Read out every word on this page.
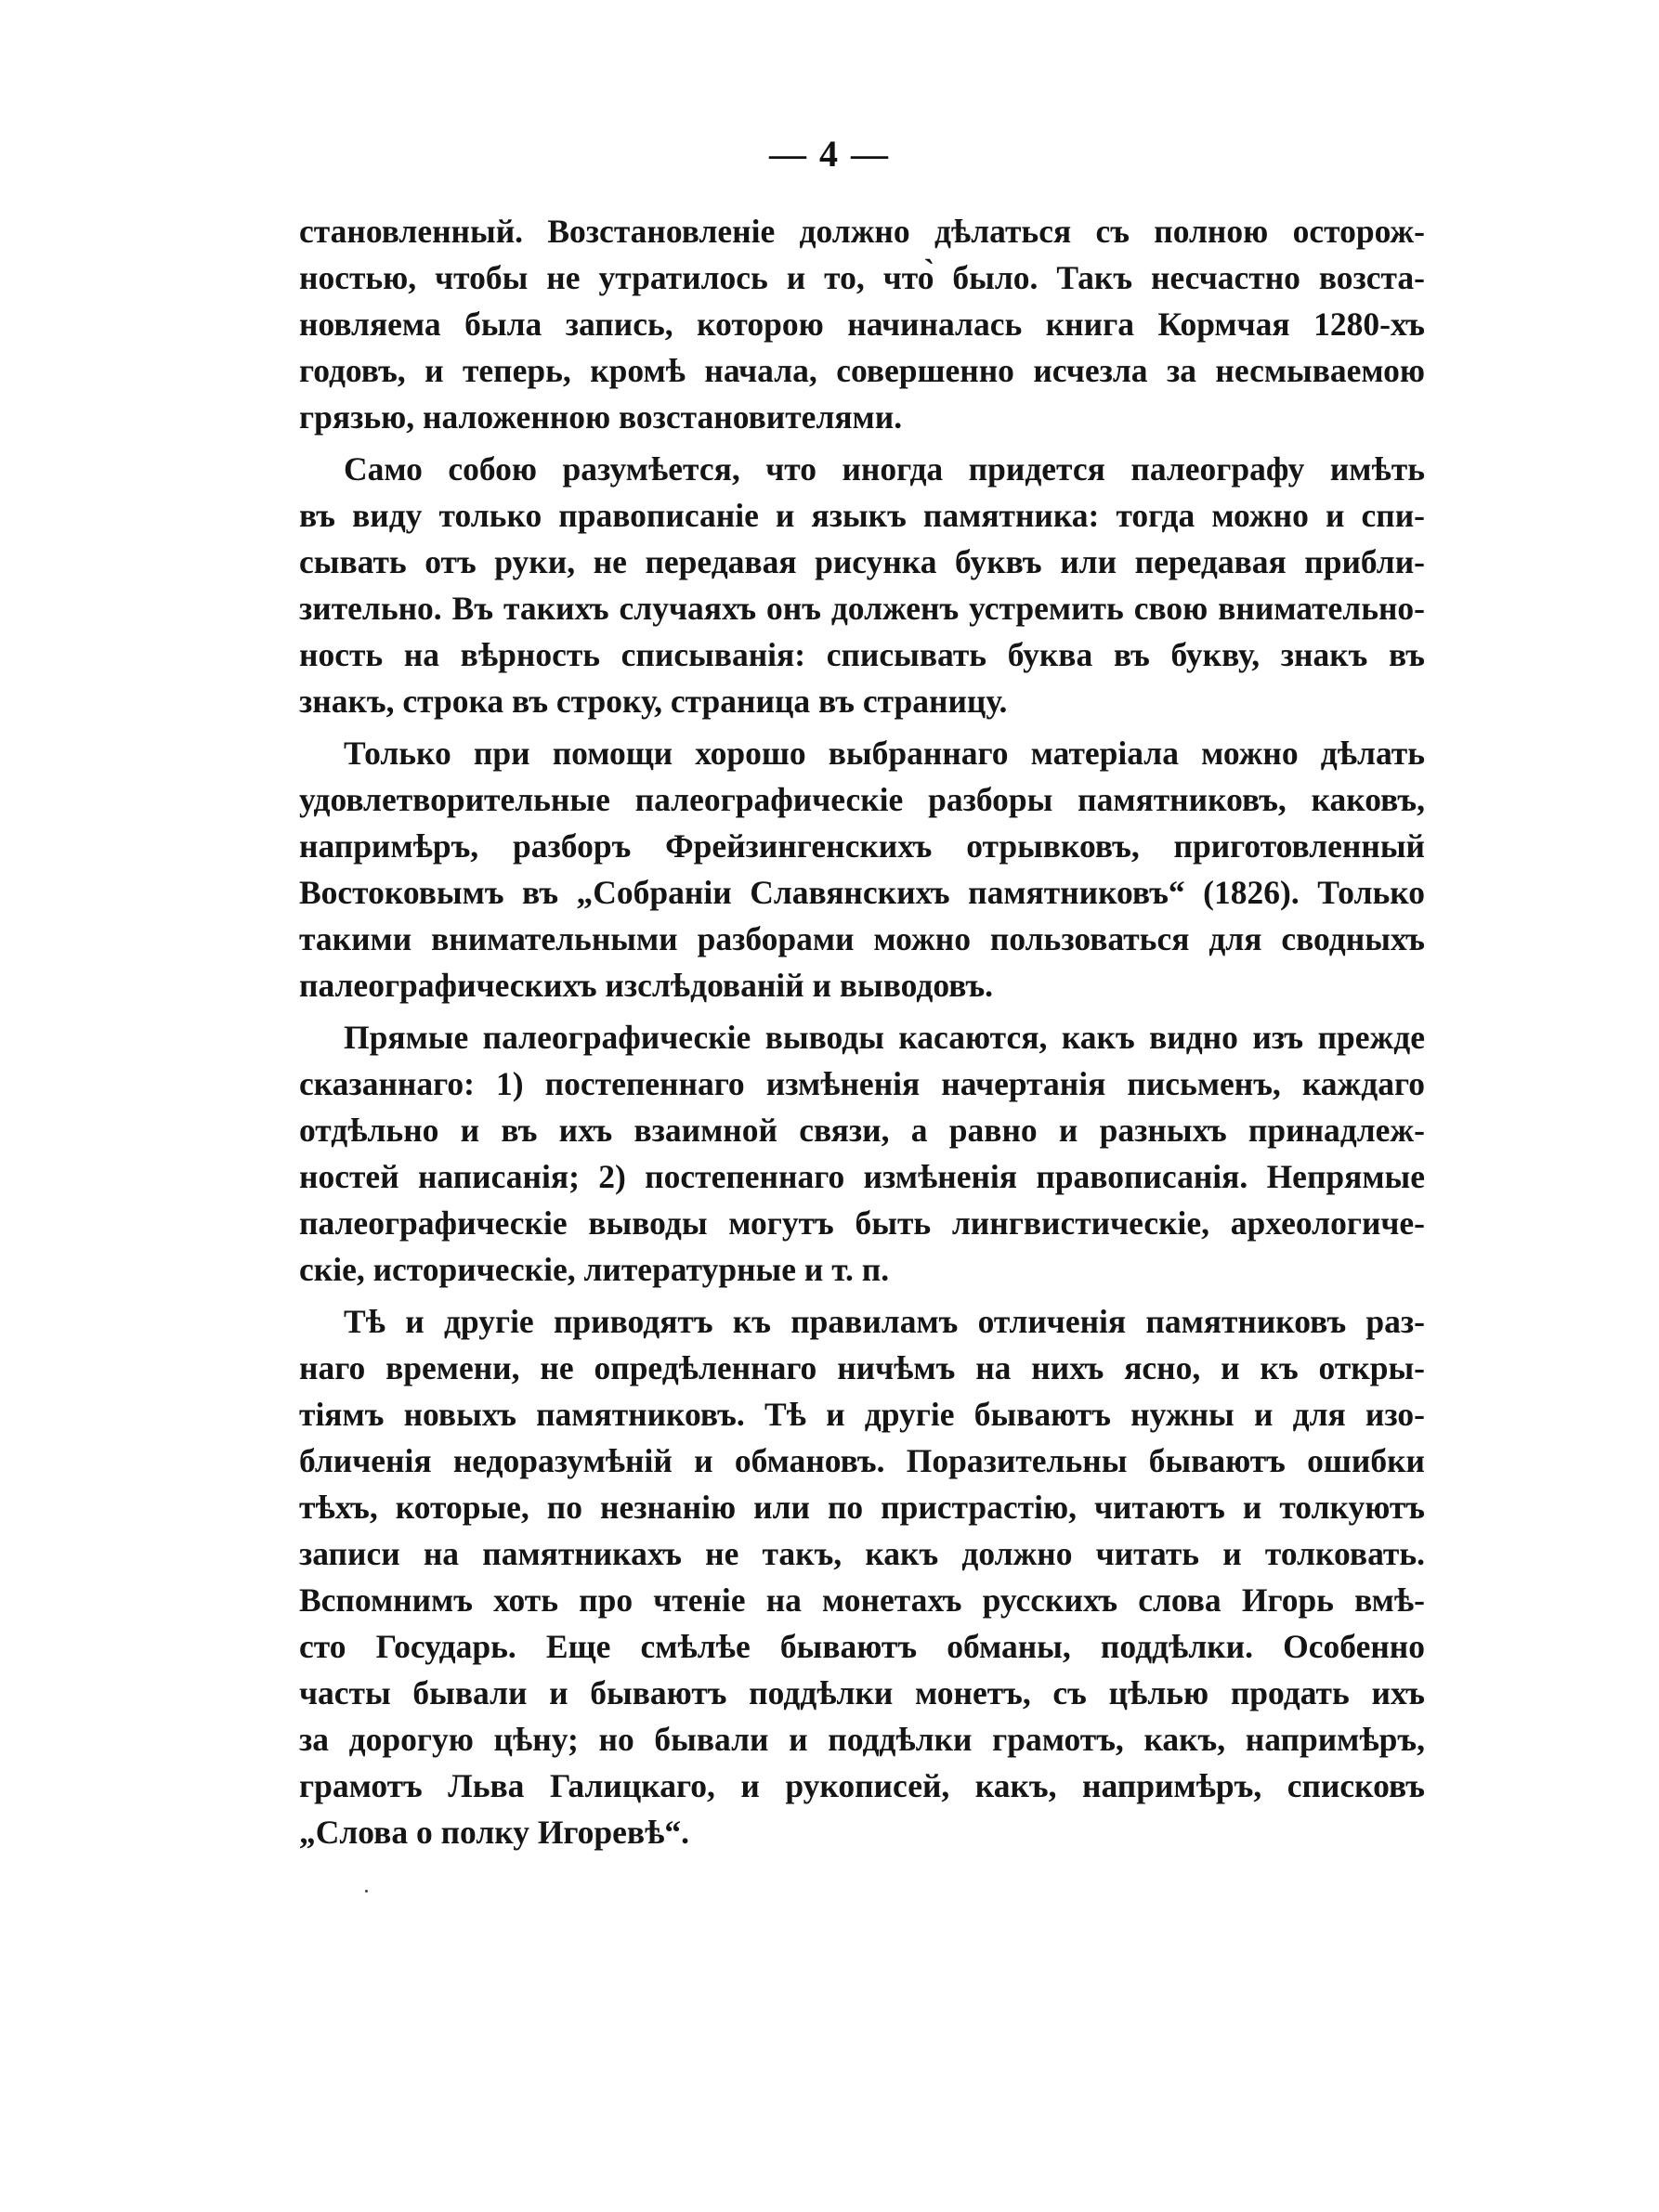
— 4 —
становленный. Возстановленіе должно дѣлаться съ полною осторож-
ностью, чтобы не утратилось и то, что̀ было. Такъ несчастно возста-
новляема была запись, которою начиналась книга Кормчая 1280-хъ
годовъ, и теперь, кромѣ начала, совершенно исчезла за несмываемою
грязью, наложенною возстановителями.
Само собою разумѣется, что иногда придется палеографу имѣть
въ виду только правописаніе и языкъ памятника: тогда можно и спи-
сывать отъ руки, не передавая рисунка буквъ или передавая прибли-
зительно. Въ такихъ случаяхъ онъ долженъ устремить свою внимательно-
ность на вѣрность списыванія: списывать буква въ букву, знакъ въ
знакъ, строка въ строку, страница въ страницу.
Только при помощи хорошо выбраннаго матеріала можно дѣлать
удовлетворительные палеографическіе разборы памятниковъ, каковъ,
напримѣръ, разборъ Фрейзингенскихъ отрывковъ, приготовленный
Востоковымъ въ „Собраніи Славянскихъ памятниковъ“ (1826). Только
такими внимательными разборами можно пользоваться для сводныхъ
палеографическихъ изслѣдованій и выводовъ.
Прямые палеографическіе выводы касаются, какъ видно изъ прежде
сказаннаго: 1) постепеннаго измѣненія начертанія письменъ, каждаго
отдѣльно и въ ихъ взаимной связи, а равно и разныхъ принадлеж-
ностей написанія; 2) постепеннаго измѣненія правописанія. Непрямые
палеографическіе выводы могутъ быть лингвистическіе, археологиче-
скіе, историческіе, литературные и т. п.
Тѣ и другіе приводятъ къ правиламъ отличенія памятниковъ раз-
наго времени, не опредѣленнаго ничѣмъ на нихъ ясно, и къ откры-
тіямъ новыхъ памятниковъ. Тѣ и другіе бываютъ нужны и для изо-
бличенія недоразумѣній и обмановъ. Поразительны бываютъ ошибки
тѣхъ, которые, по незнанію или по пристрастію, читаютъ и толкуютъ
записи на памятникахъ не такъ, какъ должно читать и толковать.
Вспомнимъ хоть про чтеніе на монетахъ русскихъ слова Игорь вмѣ-
сто Государь. Еще смѣлѣе бываютъ обманы, поддѣлки. Особенно
часты бывали и бываютъ поддѣлки монетъ, съ цѣлью продать ихъ
за дорогую цѣну; но бывали и поддѣлки грамотъ, какъ, напримѣръ,
грамотъ Льва Галицкаго, и рукописей, какъ, напримѣръ, списковъ
„Слова о полку Игоревѣ“.
